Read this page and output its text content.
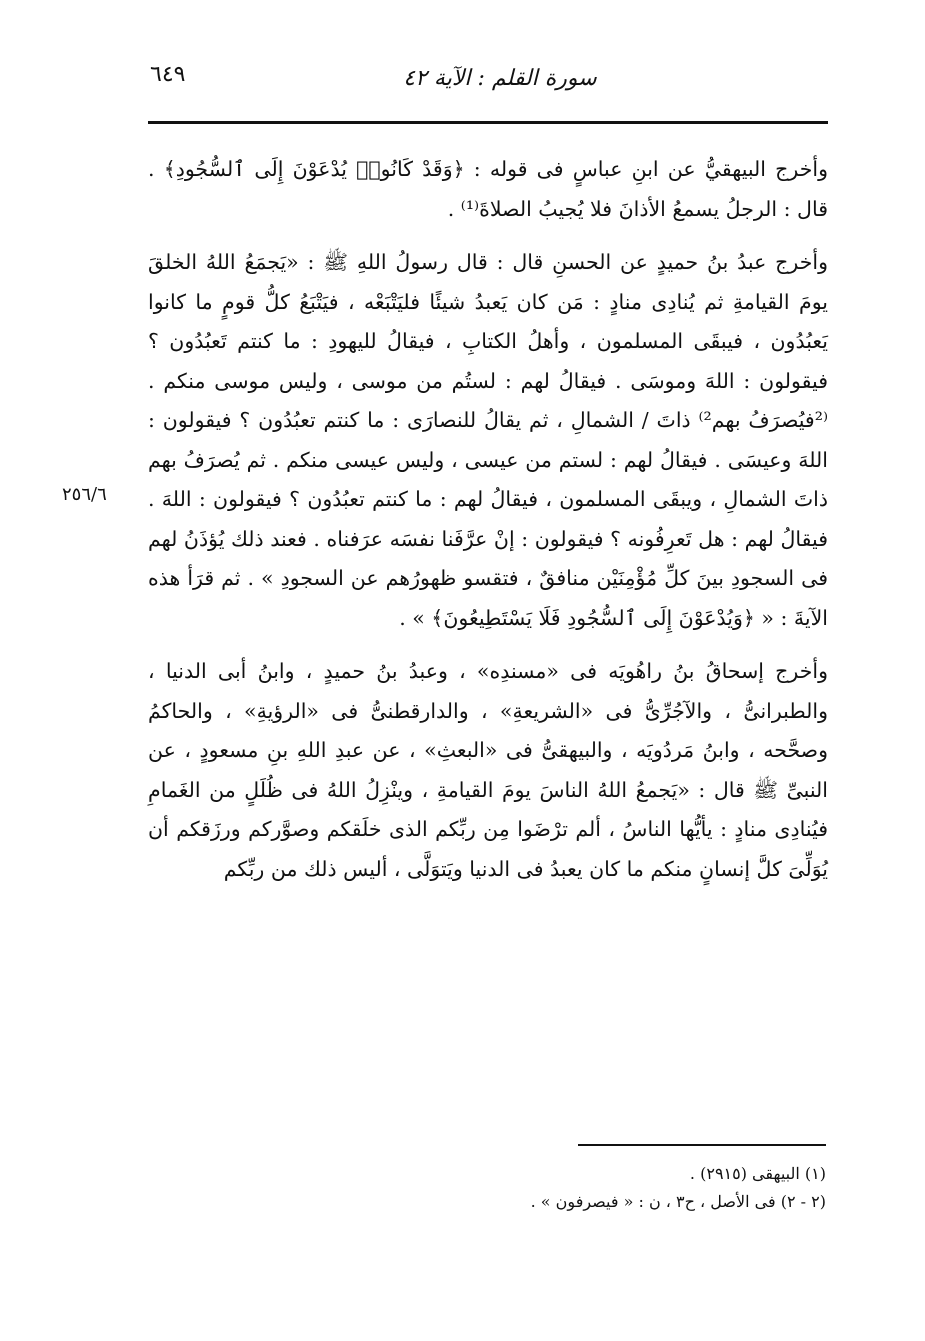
٦٤٩	سورة القلم : الآية ٤٢
٢٥٦/٦

وأخرج البيهقيُّ عن ابنِ عباسٍ فى قوله : ﴿وَقَدْ كَانُوا۟ يُدْعَوْنَ إِلَى ٱلسُّجُودِ﴾ . قال : الرجلُ يسمعُ الأذانَ فلا يُجيبُ الصلاةَ⁽¹⁾ .

وأخرج عبدُ بنُ حميدٍ عن الحسنِ قال : قال رسولُ اللهِ ﷺ : «يَجمَعُ اللهُ الخلقَ يومَ القيامةِ ثم يُنادِى منادٍ : مَن كان يَعبدُ شيئًا فليَتْبَعْه ، فيَتْبَعُ كلُّ قومٍ ما كانوا يَعبُدُون ، فيبقَى المسلمون ، وأهلُ الكتابِ ، فيقالُ لليهودِ : ما كنتم تَعبُدُون ؟ فيقولون : اللهَ وموسَى . فيقالُ لهم : لستُم من موسى ، وليس موسى منكم . ⁽²فيُصرَفُ بهم²⁾ ذاتَ / الشمالِ ، ثم يقالُ للنصارَى : ما كنتم تعبُدُون ؟ فيقولون : اللهَ وعيسَى . فيقالُ لهم : لستم من عيسى ، وليس عيسى منكم . ثم يُصرَفُ بهم ذاتَ الشمالِ ، ويبقَى المسلمون ، فيقالُ لهم : ما كنتم تعبُدُون ؟ فيقولون : اللهَ . فيقالُ لهم : هل تَعرِفُونه ؟ فيقولون : إنْ عرَّفَنا نفسَه عرَفناه . فعند ذلك يُؤذَنُ لهم فى السجودِ بينَ كلِّ مُؤْمِنَيْن منافقٌ ، فتقسو ظهورُهم عن السجودِ » . ثم قرَأ هذه الآيةَ : « ﴿وَيُدْعَوْنَ إِلَى ٱلسُّجُودِ فَلَا يَسْتَطِيعُونَ﴾ » .

وأخرج إسحاقُ بنُ راهُويَه فى «مسندِه» ، وعبدُ بنُ حميدٍ ، وابنُ أبى الدنيا ، والطبرانىُّ ، والآجُرِّىُّ فى «الشريعةِ» ، والدارقطنىُّ فى «الرؤيةِ» ، والحاكمُ وصحَّحه ، وابنُ مَردُويَه ، والبيهقىُّ فى «البعثِ» ، عن عبدِ اللهِ بنِ مسعودٍ ، عن النبىِّ ﷺ قال : «يَجمعُ اللهُ الناسَ يومَ القيامةِ ، وينْزِلُ اللهُ فى ظُلَلٍ من الغَمامِ فيُنادِى منادٍ : يأيُّها الناسُ ، ألم ترْضَوا مِن ربِّكم الذى خلَقكم وصوَّركم ورزَقكم أن يُوَلِّىَ كلَّ إنسانٍ منكم ما كان يعبدُ فى الدنيا ويَتوَلَّى ، أليس ذلك من ربِّكم

(١) البيهقى (٢٩١٥) .

(٢ - ٢) فى الأصل ، ح٣ ، ن : « فيصرفون » .
